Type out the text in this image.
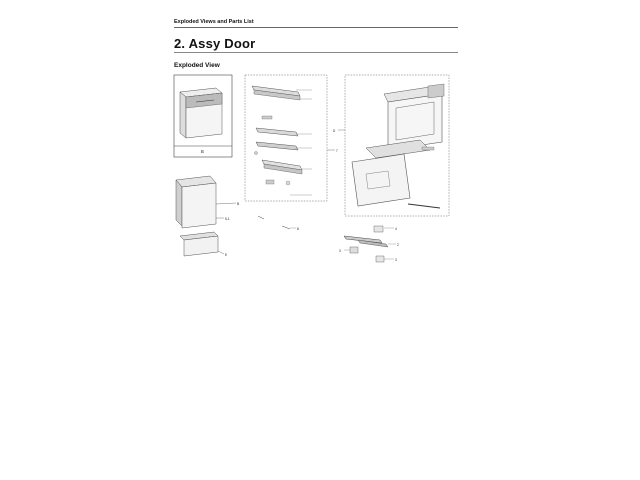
Exploded Views and Parts List
2. Assy Door
Exploded View
B
B
5-1
E
7
8
D
4
2
3
3
